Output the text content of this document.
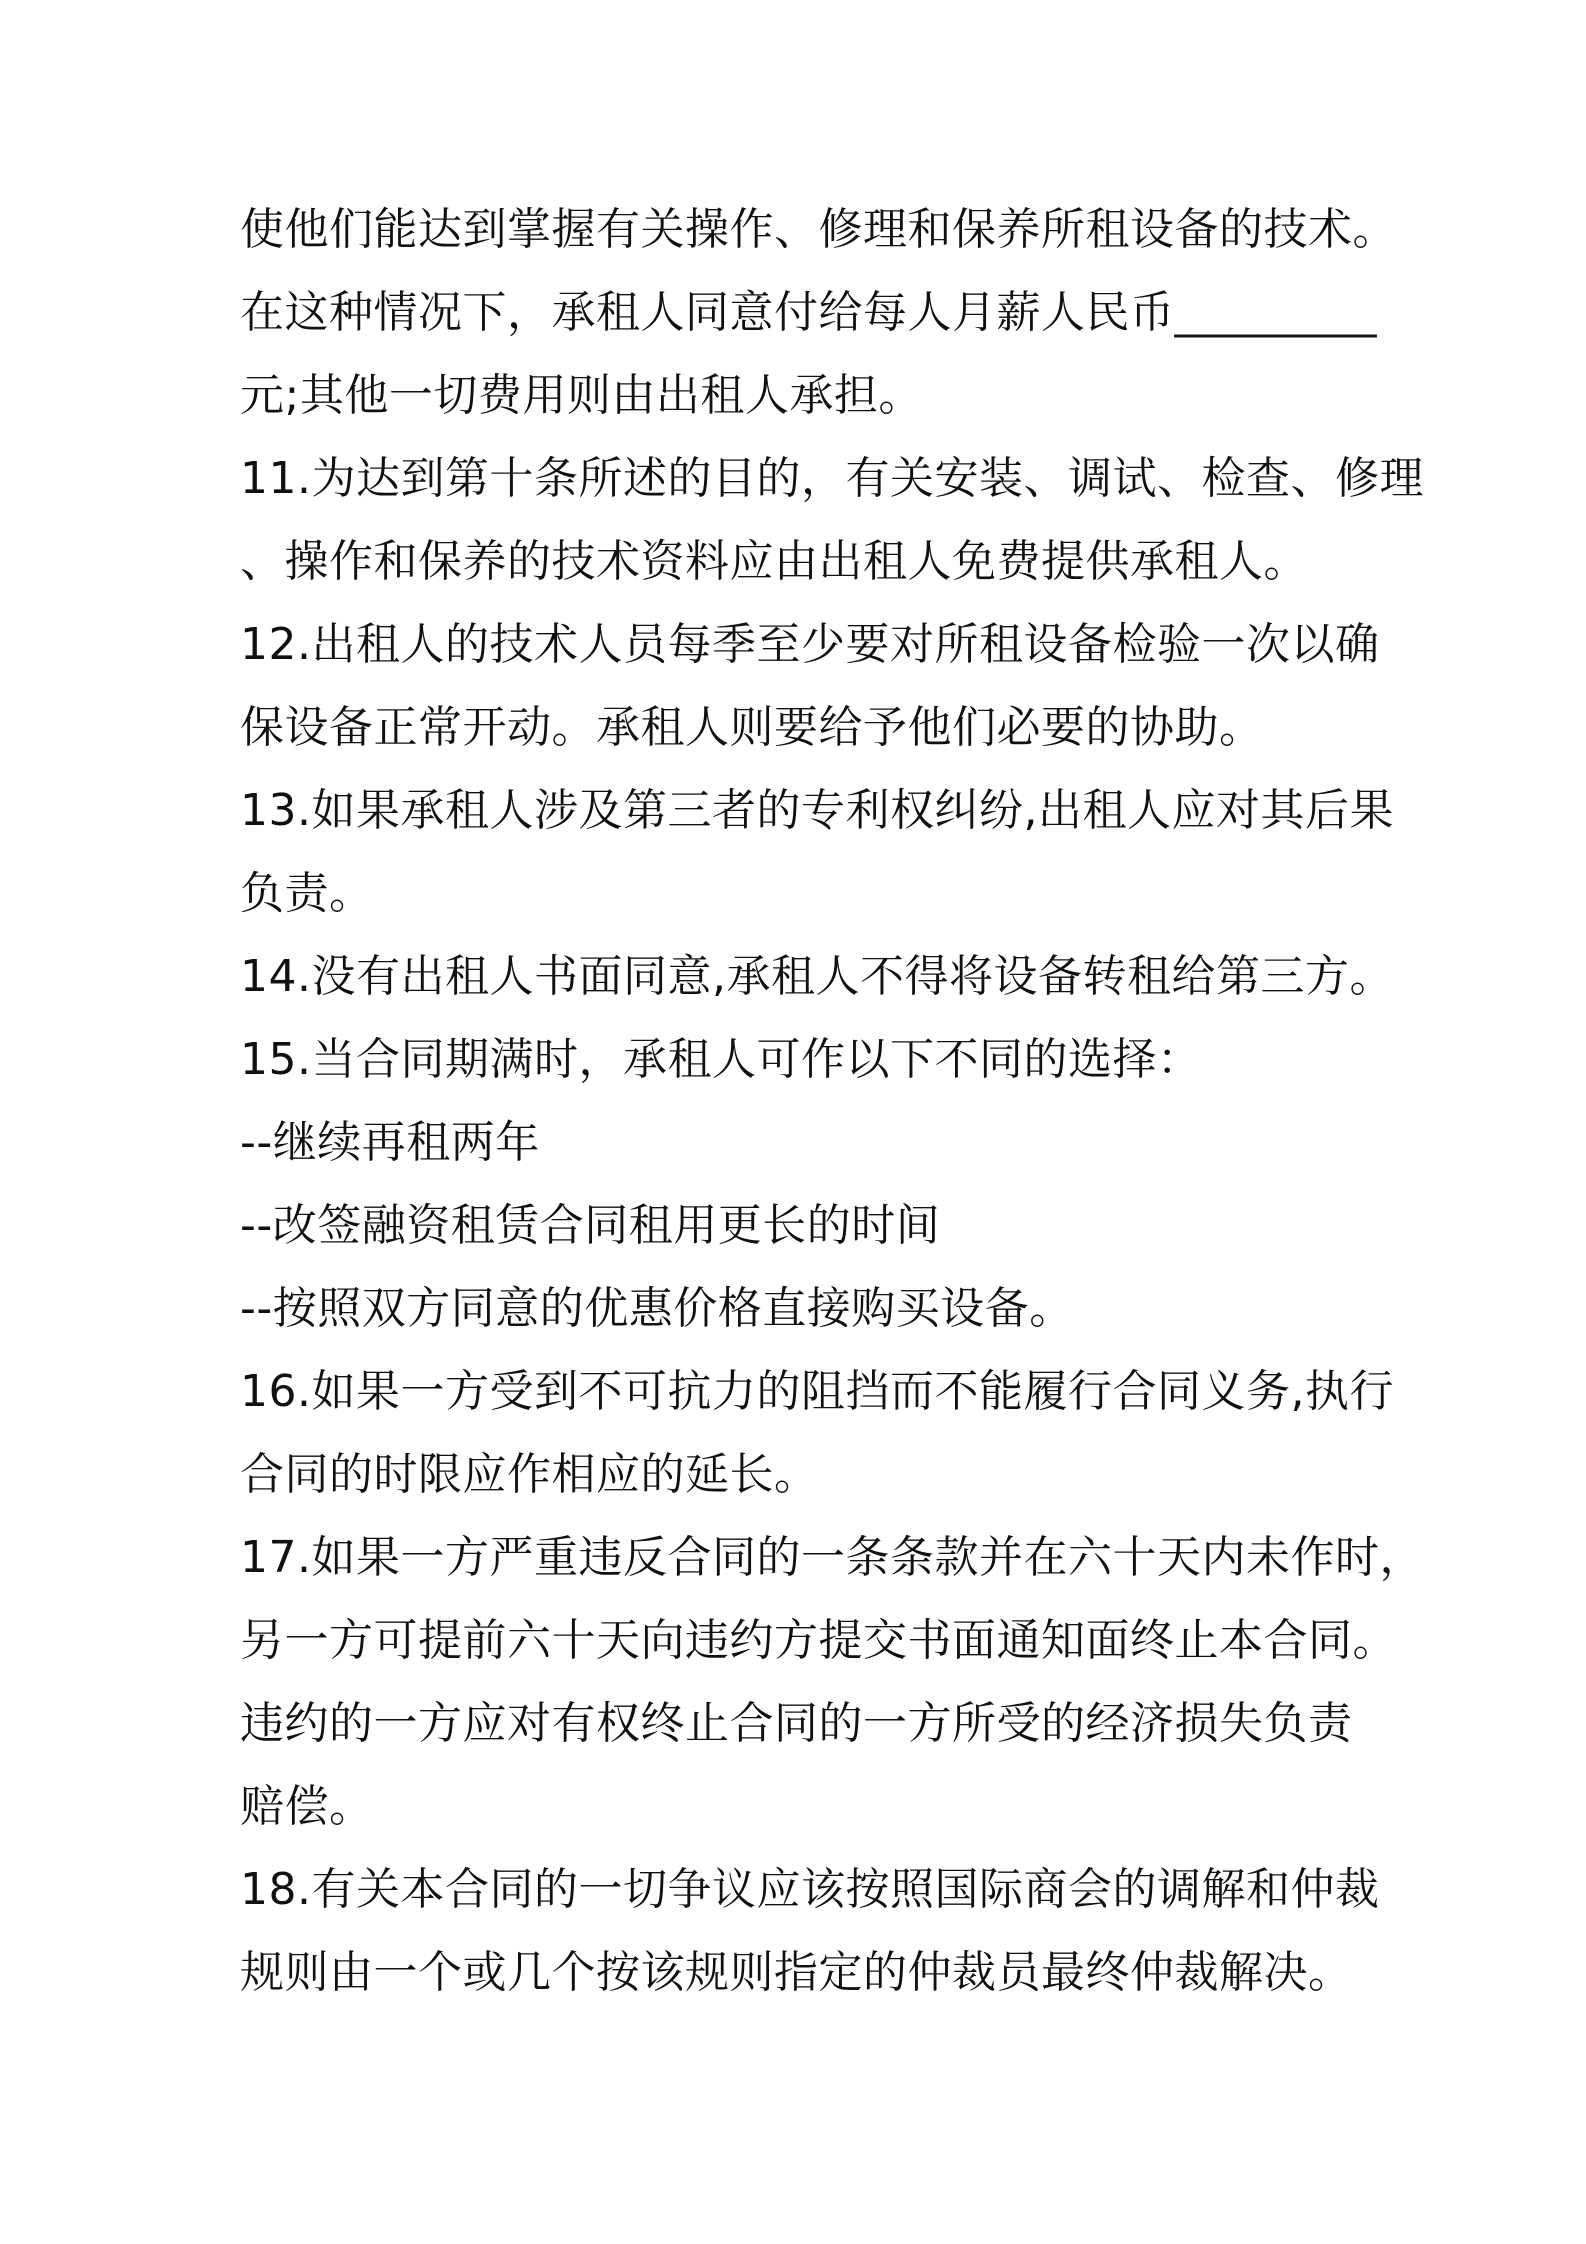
使他们能达到掌握有关操作、修理和保养所租设备的技术。
在这种情况下，承租人同意付给每人月薪人民币_________
元;其他一切费用则由出租人承担。
11.为达到第十条所述的目的，有关安装、调试、检查、修理
、操作和保养的技术资料应由出租人免费提供承租人。
12.出租人的技术人员每季至少要对所租设备检验一次以确
保设备正常开动。承租人则要给予他们必要的协助。
13.如果承租人涉及第三者的专利权纠纷,出租人应对其后果
负责。
14.没有出租人书面同意,承租人不得将设备转租给第三方。
15.当合同期满时，承租人可作以下不同的选择：
--继续再租两年
--改签融资租赁合同租用更长的时间
--按照双方同意的优惠价格直接购买设备。
16.如果一方受到不可抗力的阻挡而不能履行合同义务,执行
合同的时限应作相应的延长。
17.如果一方严重违反合同的一条条款并在六十天内未作时，
另一方可提前六十天向违约方提交书面通知面终止本合同。
违约的一方应对有权终止合同的一方所受的经济损失负责
赔偿。
18.有关本合同的一切争议应该按照国际商会的调解和仲裁
规则由一个或几个按该规则指定的仲裁员最终仲裁解决。
